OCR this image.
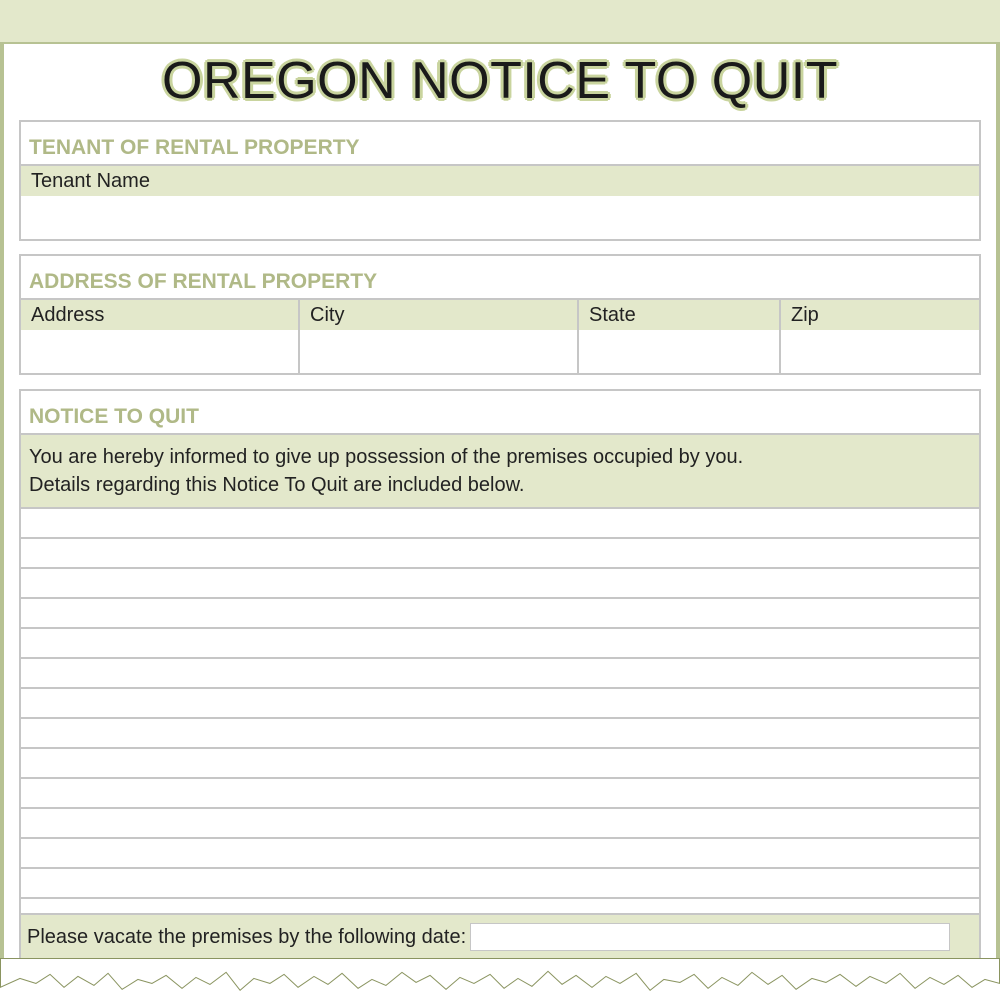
OREGON NOTICE TO QUIT
TENANT OF RENTAL PROPERTY
Tenant Name
ADDRESS OF RENTAL PROPERTY
Address	City	State	Zip
NOTICE TO QUIT
You are hereby informed to give up possession of the premises occupied by you.
Details regarding this Notice To Quit are included below.
Please vacate the premises by the following date:
